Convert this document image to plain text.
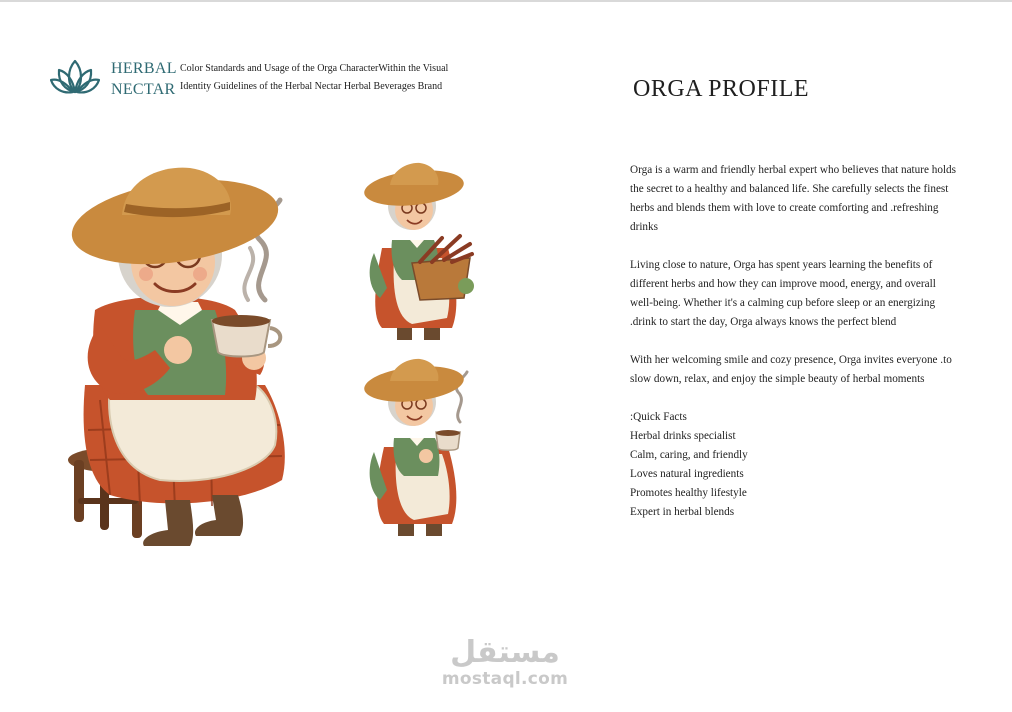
HERBAL
NECTAR
Color Standards and Usage of the Orga CharacterWithin the Visual
Identity Guidelines of the Herbal Nectar Herbal Beverages Brand	ORGA PROFILE

Orga is a warm and friendly herbal expert who believes that nature holds the secret to a healthy and balanced life. She carefully selects the finest herbs and blends them with love to create comforting and .refreshing drinks

Living close to nature, Orga has spent years learning the benefits of different herbs and how they can improve mood, energy, and overall well-being. Whether it's a calming cup before sleep or an energizing .drink to start the day, Orga always knows the perfect blend

With her welcoming smile and cozy presence, Orga invites everyone .to slow down, relax, and enjoy the simple beauty of herbal moments

:Quick Facts
Herbal drinks specialist
Calm, caring, and friendly
Loves natural ingredients
Promotes healthy lifestyle
Expert in herbal blends
مستقل
mostaql.com
